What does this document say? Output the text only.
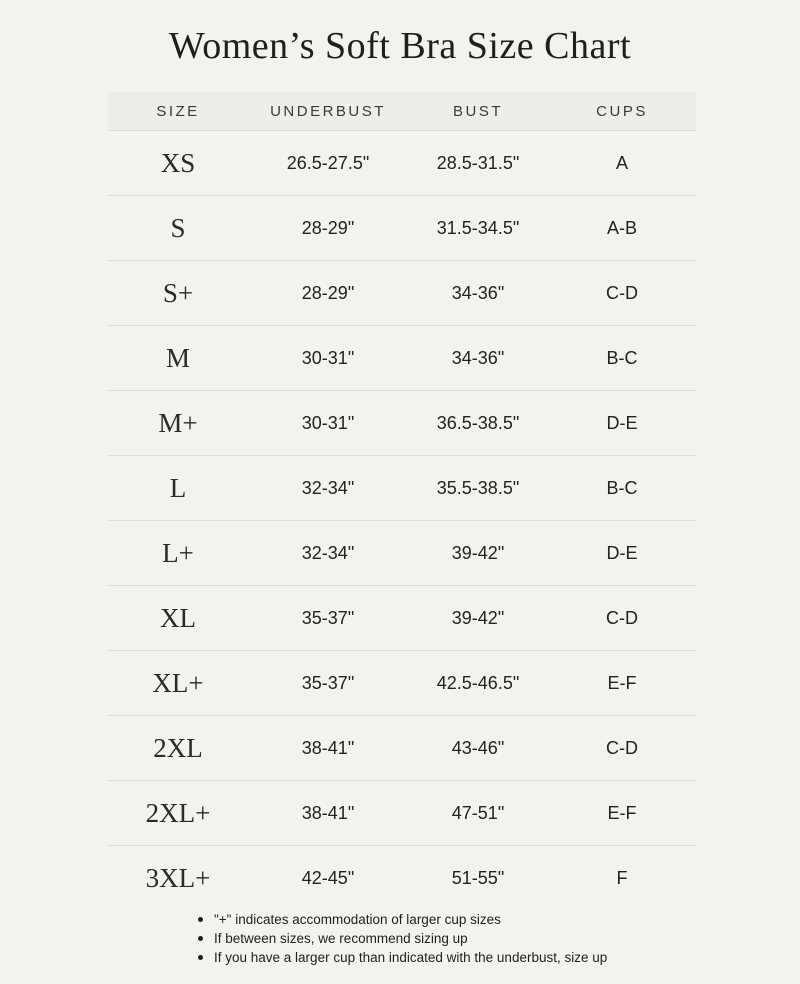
Women’s Soft Bra Size Chart
SIZE	UNDERBUST	BUST	CUPS
XS	26.5-27.5"	28.5-31.5"	A
S	28-29"	31.5-34.5"	A-B
S+	28-29"	34-36"	C-D
M	30-31"	34-36"	B-C
M+	30-31"	36.5-38.5"	D-E
L	32-34"	35.5-38.5"	B-C
L+	32-34"	39-42"	D-E
XL	35-37"	39-42"	C-D
XL+	35-37"	42.5-46.5"	E-F
2XL	38-41"	43-46"	C-D
2XL+	38-41"	47-51"	E-F
3XL+	42-45"	51-55"	F
"+" indicates accommodation of larger cup sizes
If between sizes, we recommend sizing up
If you have a larger cup than indicated with the underbust, size up
